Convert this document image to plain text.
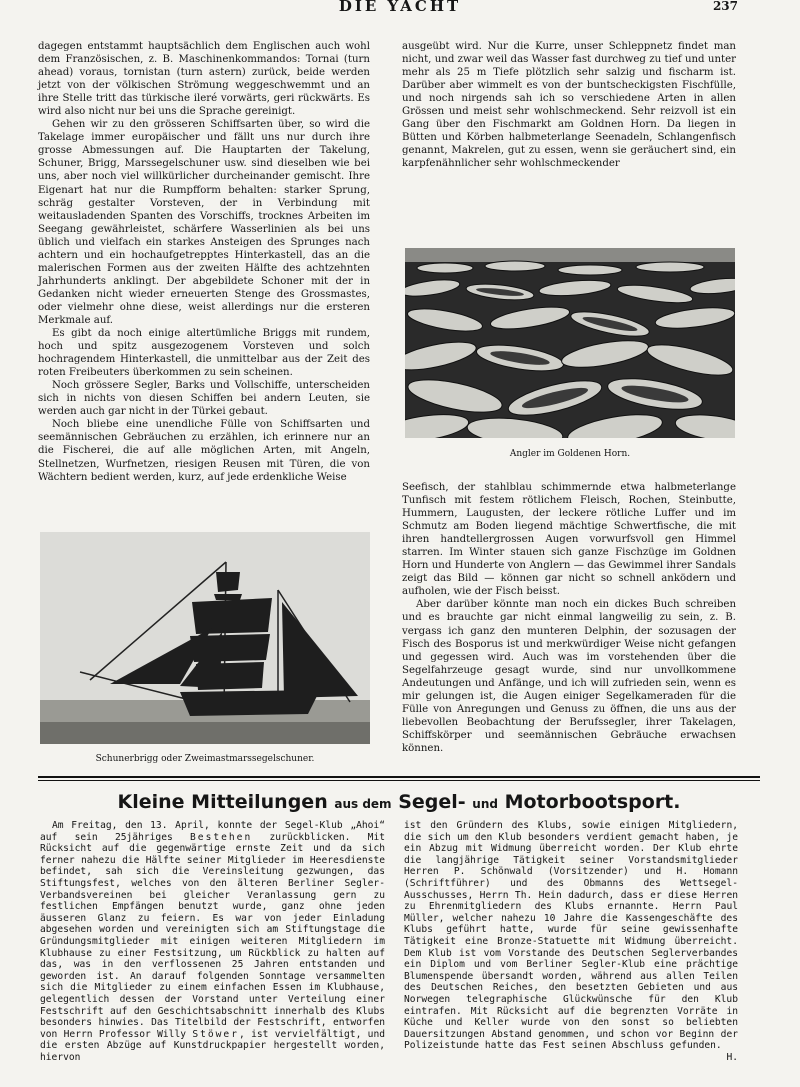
DIE YACHT	237

dagegen entstammt hauptsächlich dem Englischen auch wohl dem Französischen, z. B. Maschinenkommandos: Tornai (turn ahead) voraus, tornistan (turn astern) zurück, beide werden jetzt von der völkischen Strömung weggeschwemmt und an ihre Stelle tritt das türkische ileré vorwärts, geri rückwärts. Es wird also nicht nur bei uns die Sprache gereinigt.

Gehen wir zu den grösseren Schiffsarten über, so wird die Takelage immer europäischer und fällt uns nur durch ihre grosse Abmessungen auf. Die Hauptarten der Takelung, Schuner, Brigg, Marssegelschuner usw. sind dieselben wie bei uns, aber noch viel willkürlicher durcheinander gemischt. Ihre Eigenart hat nur die Rumpfform behalten: starker Sprung, schräg gestalter Vorsteven, der in Verbindung mit weitausladenden Spanten des Vorschiffs, trocknes Arbeiten im Seegang gewährleistet, schärfere Wasserlinien als bei uns üblich und vielfach ein starkes Ansteigen des Sprunges nach achtern und ein hochaufgetrepptes Hinterkastell, das an die malerischen Formen aus der zweiten Hälfte des achtzehnten Jahrhunderts anklingt. Der abgebildete Schoner mit der in Gedanken nicht wieder erneuerten Stenge des Grossmastes, oder vielmehr ohne diese, weist allerdings nur die ersteren Merkmale auf.

Es gibt da noch einige altertümliche Briggs mit rundem, hoch und spitz ausgezogenem Vorsteven und solch hochragendem Hinterkastell, die unmittelbar aus der Zeit des roten Freibeuters überkommen zu sein scheinen.

Noch grössere Segler, Barks und Vollschiffe, unterscheiden sich in nichts von diesen Schiffen bei andern Leuten, sie werden auch gar nicht in der Türkei gebaut.

Noch bliebe eine unendliche Fülle von Schiffsarten und seemännischen Gebräuchen zu erzählen, ich erinnere nur an die Fischerei, die auf alle möglichen Arten, mit Angeln, Stellnetzen, Wurfnetzen, riesigen Reusen mit Türen, die von Wächtern bedient werden, kurz, auf jede erdenkliche Weise

ausgeübt wird. Nur die Kurre, unser Schleppnetz findet man nicht, und zwar weil das Wasser fast durchweg zu tief und unter mehr als 25 m Tiefe plötzlich sehr salzig und fischarm ist. Darüber aber wimmelt es von der buntscheckigsten Fischfülle, und noch nirgends sah ich so verschiedene Arten in allen Grössen und meist sehr wohlschmeckend. Sehr reizvoll ist ein Gang über den Fischmarkt am Goldnen Horn. Da liegen in Bütten und Körben halbmeterlange Seenadeln, Schlangenfisch genannt, Makrelen, gut zu essen, wenn sie geräuchert sind, ein karpfenähnlicher sehr wohlschmeckender

Angler im Goldenen Horn.

Seefisch, der stahlblau schimmernde etwa halbmeterlange Tunfisch mit festem rötlichem Fleisch, Rochen, Steinbutte, Hummern, Laugusten, der leckere rötliche Luffer und im Schmutz am Boden liegend mächtige Schwertfische, die mit ihren handtellergrossen Augen vorwurfsvoll gen Himmel starren. Im Winter stauen sich ganze Fischzüge im Goldnen Horn und Hunderte von Anglern — das Gewimmel ihrer Sandals zeigt das Bild — können gar nicht so schnell anködern und aufholen, wie der Fisch beisst.

Aber darüber könnte man noch ein dickes Buch schreiben und es brauchte gar nicht einmal langweilig zu sein, z. B. vergass ich ganz den munteren Delphin, der sozusagen der Fisch des Bosporus ist und merkwürdiger Weise nicht gefangen und gegessen wird. Auch was im vorstehenden über die Segelfahrzeuge gesagt wurde, sind nur unvollkommene Andeutungen und Anfänge, und ich will zufrieden sein, wenn es mir gelungen ist, die Augen einiger Segelkameraden für die Fülle von Anregungen und Genuss zu öffnen, die uns aus der liebevollen Beobachtung der Berufssegler, ihrer Takelagen, Schiffskörper und seemännischen Gebräuche erwachsen können.

Schunerbrigg oder Zweimastmarssegelschuner.
Kleine Mitteilungen aus dem Segel- und Motorbootsport.

Am Freitag, den 13. April, konnte der Segel-Klub „Ahoi“ auf sein 25jähriges Bestehen zurückblicken. Mit Rücksicht auf die gegenwärtige ernste Zeit und da sich ferner nahezu die Hälfte seiner Mitglieder im Heeresdienste befindet, sah sich die Vereinsleitung gezwungen, das Stiftungsfest, welches von den älteren Berliner Segler-Verbandsvereinen bei gleicher Veranlassung gern zu festlichen Empfängen benutzt wurde, ganz ohne jeden äusseren Glanz zu feiern. Es war von jeder Einladung abgesehen worden und vereinigten sich am Stiftungstage die Gründungsmitglieder mit einigen weiteren Mitgliedern im Klubhause zu einer Festsitzung, um Rückblick zu halten auf das, was in den verflossenen 25 Jahren entstanden und geworden ist. An darauf folgenden Sonntage versammelten sich die Mitglieder zu einem einfachen Essen im Klubhause, gelegentlich dessen der Vorstand unter Verteilung einer Festschrift auf den Geschichtsabschnitt innerhalb des Klubs besonders hinwies. Das Titelbild der Festschrift, entworfen von Herrn Professor Willy Stöwer, ist vervielfältigt, und die ersten Abzüge auf Kunstdruckpapier hergestellt worden, hiervon

ist den Gründern des Klubs, sowie einigen Mitgliedern, die sich um den Klub besonders verdient gemacht haben, je ein Abzug mit Widmung überreicht worden. Der Klub ehrte die langjährige Tätigkeit seiner Vorstandsmitglieder Herren P. Schönwald (Vorsitzender) und H. Homann (Schriftführer) und des Obmanns des Wettsegel-Ausschusses, Herrn Th. Hein dadurch, dass er diese Herren zu Ehrenmitgliedern des Klubs ernannte. Herrn Paul Müller, welcher nahezu 10 Jahre die Kassengeschäfte des Klubs geführt hatte, wurde für seine gewissenhafte Tätigkeit eine Bronze-Statuette mit Widmung überreicht. Dem Klub ist vom Vorstande des Deutschen Seglerverbandes ein Diplom und vom Berliner Segler-Klub eine prächtige Blumenspende übersandt worden, während aus allen Teilen des Deutschen Reiches, den besetzten Gebieten und aus Norwegen telegraphische Glückwünsche für den Klub eintrafen. Mit Rücksicht auf die begrenzten Vorräte in Küche und Keller wurde von den sonst so beliebten Dauersitzungen Abstand genommen, und schon vor Beginn der Polizeistunde hatte das Fest seinen Abschluss gefunden.

H.
